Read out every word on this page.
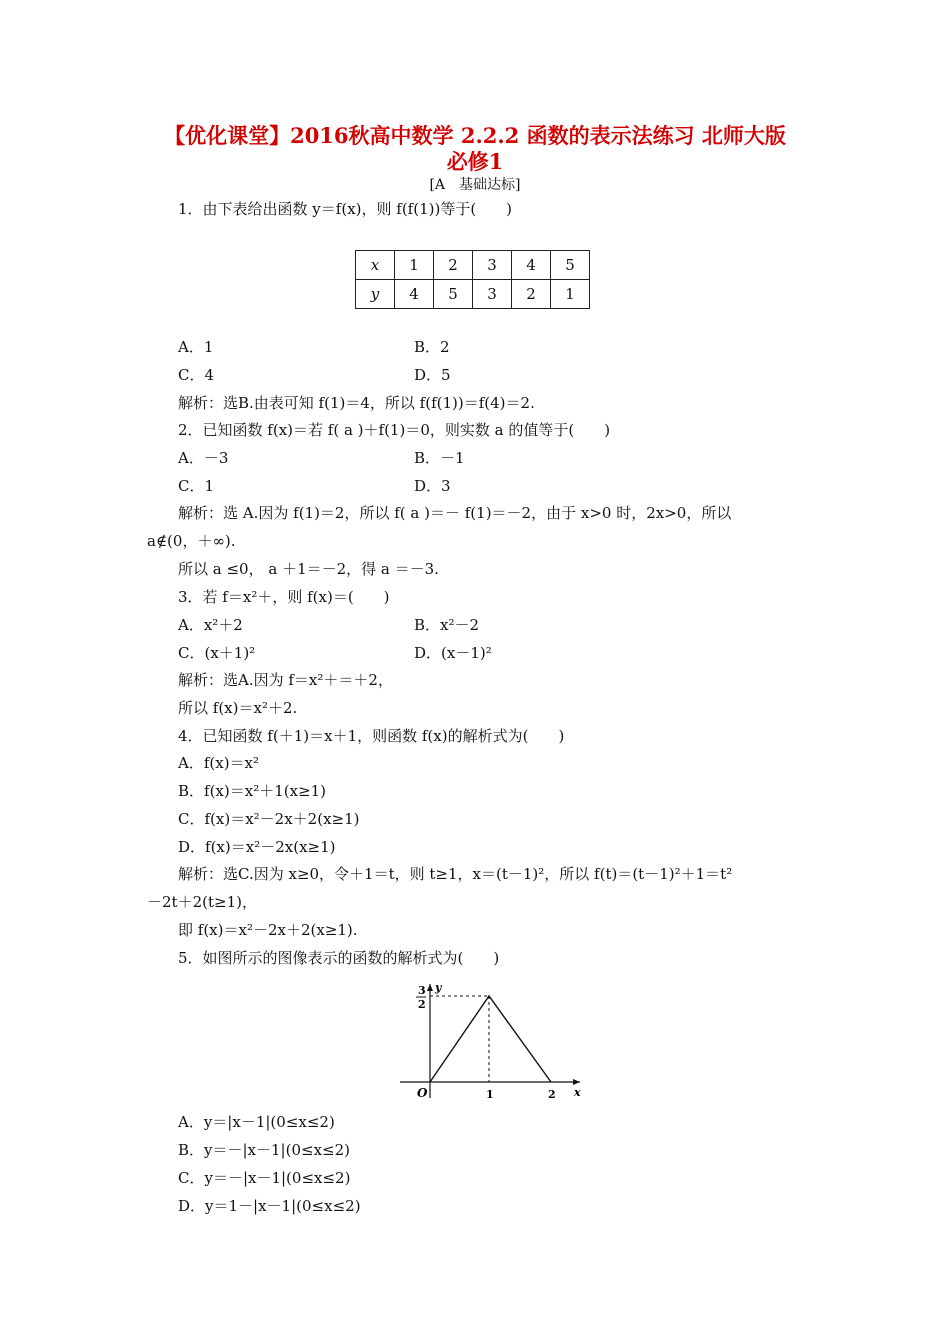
【优化课堂】2016秋高中数学 2.2.2 函数的表示法练习 北师大版
必修1
[A　基础达标]
1．由下表给出函数 y＝f(x)，则 f(f(1))等于(　　)
x	1	2	3	4	5
y	4	5	3	2	1
A．1	B．2
C．4	D．5
解析：选B.由表可知 f(1)＝4，所以 f(f(1))＝f(4)＝2.
2．已知函数 f(x)＝若 f( a )＋f(1)＝0，则实数 a 的值等于(　　)
A．－3	B．－1
C．1	D．3
解析：选 A.因为 f(1)＝2，所以 f( a )＝－ f(1)＝－2，由于 x>0 时，2x>0，所以
a∉(0，＋∞).
所以 a ≤0， a ＋1＝－2，得 a ＝－3.
3．若 f＝x²＋，则 f(x)＝(　　)
A．x²＋2	B．x²－2
C．(x＋1)²	D．(x－1)²
解析：选A.因为 f＝x²＋＝＋2，
所以 f(x)＝x²＋2.
4．已知函数 f(＋1)＝x＋1，则函数 f(x)的解析式为(　　)
A．f(x)＝x²
B．f(x)＝x²＋1(x≥1)
C．f(x)＝x²－2x＋2(x≥1)
D．f(x)＝x²－2x(x≥1)
解析：选C.因为 x≥0，令＋1＝t，则 t≥1，x＝(t－1)²，所以 f(t)＝(t－1)²＋1＝t²
－2t＋2(t≥1)，
即 f(x)＝x²－2x＋2(x≥1).
5．如图所示的图像表示的函数的解析式为(　　)
y
x
O
3
2
1	2
A．y＝|x－1|(0≤x≤2)
B．y＝－|x－1|(0≤x≤2)
C．y＝－|x－1|(0≤x≤2)
D．y＝1－|x－1|(0≤x≤2)
